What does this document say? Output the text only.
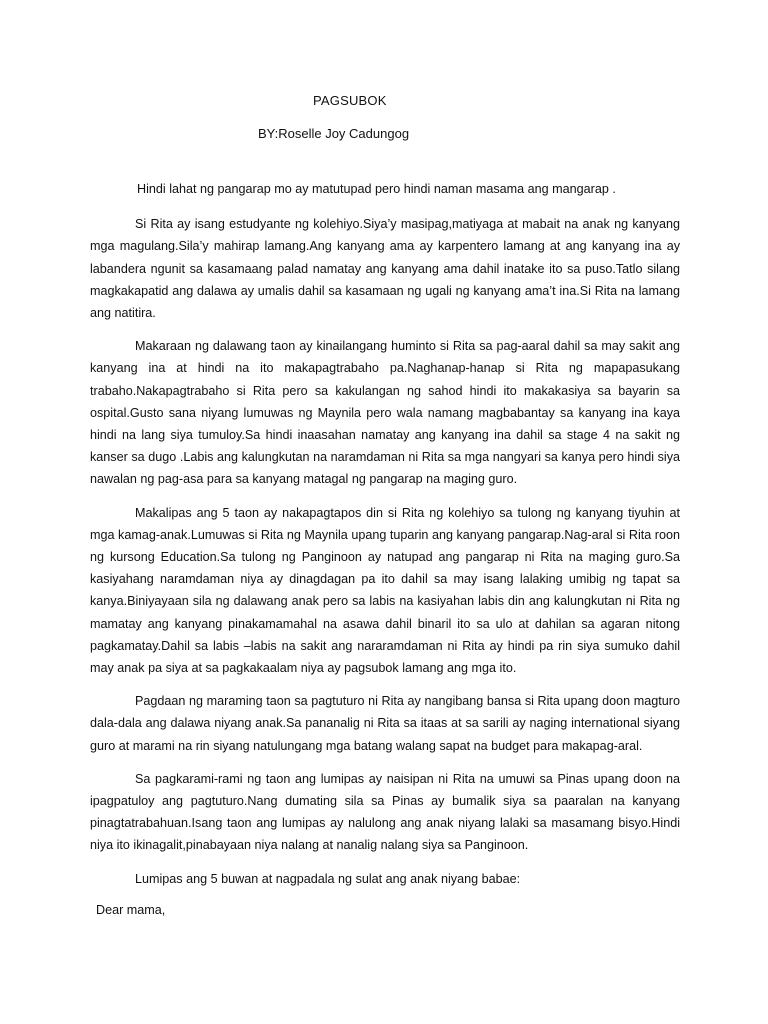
PAGSUBOK
BY:Roselle Joy Cadungog

Hindi lahat ng pangarap mo ay matutupad pero hindi naman masama ang mangarap .

Si Rita ay isang estudyante ng kolehiyo.Siya’y masipag,matiyaga at mabait na anak ng kanyang mga magulang.Sila’y mahirap lamang.Ang kanyang ama ay karpentero lamang at ang kanyang ina ay labandera ngunit sa kasamaang palad namatay ang kanyang ama dahil inatake ito sa puso.Tatlo silang magkakapatid ang dalawa ay umalis dahil sa kasamaan ng ugali ng kanyang ama’t ina.Si Rita na lamang ang natitira.

Makaraan ng dalawang taon ay kinailangang huminto si Rita sa pag-aaral dahil sa may sakit ang kanyang ina at hindi na ito makapagtrabaho pa.Naghanap-hanap si Rita ng mapapasukang trabaho.Nakapagtrabaho si Rita pero sa kakulangan ng sahod hindi ito makakasiya sa bayarin sa ospital.Gusto sana niyang lumuwas ng Maynila pero wala namang magbabantay sa kanyang ina kaya hindi na lang siya tumuloy.Sa hindi inaasahan namatay ang kanyang ina dahil sa stage 4 na sakit ng kanser sa dugo .Labis ang kalungkutan na naramdaman ni Rita sa mga nangyari sa kanya pero hindi siya nawalan ng pag-asa para sa kanyang matagal ng pangarap na maging guro.

Makalipas ang 5 taon ay nakapagtapos din si Rita ng kolehiyo sa tulong ng kanyang tiyuhin at mga kamag-anak.Lumuwas si Rita ng Maynila upang tuparin ang kanyang pangarap.Nag-aral si Rita roon ng kursong Education.Sa tulong ng Panginoon ay natupad ang pangarap ni Rita na maging guro.Sa kasiyahang naramdaman niya ay dinagdagan pa ito dahil sa may isang lalaking umibig ng tapat sa kanya.Biniyayaan sila ng dalawang anak pero sa labis na kasiyahan labis din ang kalungkutan ni Rita ng mamatay ang kanyang pinakamamahal na asawa dahil binaril ito sa ulo at dahilan sa agaran nitong pagkamatay.Dahil sa labis –labis na sakit ang nararamdaman ni Rita ay hindi pa rin siya sumuko dahil may anak pa siya at sa pagkakaalam niya ay pagsubok lamang ang mga ito.

Pagdaan ng maraming taon sa pagtuturo ni Rita ay nangibang bansa si Rita upang doon magturo dala-dala ang dalawa niyang anak.Sa pananalig ni Rita sa itaas at sa sarili ay naging international siyang guro at marami na rin siyang natulungang mga batang walang sapat na budget para makapag-aral.

Sa pagkarami-rami ng taon ang lumipas ay naisipan ni Rita na umuwi sa Pinas upang doon na ipagpatuloy ang pagtuturo.Nang dumating sila sa Pinas ay bumalik siya sa paaralan na kanyang pinagtatrabahuan.Isang taon ang lumipas ay nalulong ang anak niyang lalaki sa masamang bisyo.Hindi niya ito ikinagalit,pinabayaan niya nalang at nanalig nalang siya sa Panginoon.

Lumipas ang 5 buwan at nagpadala ng sulat ang anak niyang babae:

Dear mama,
